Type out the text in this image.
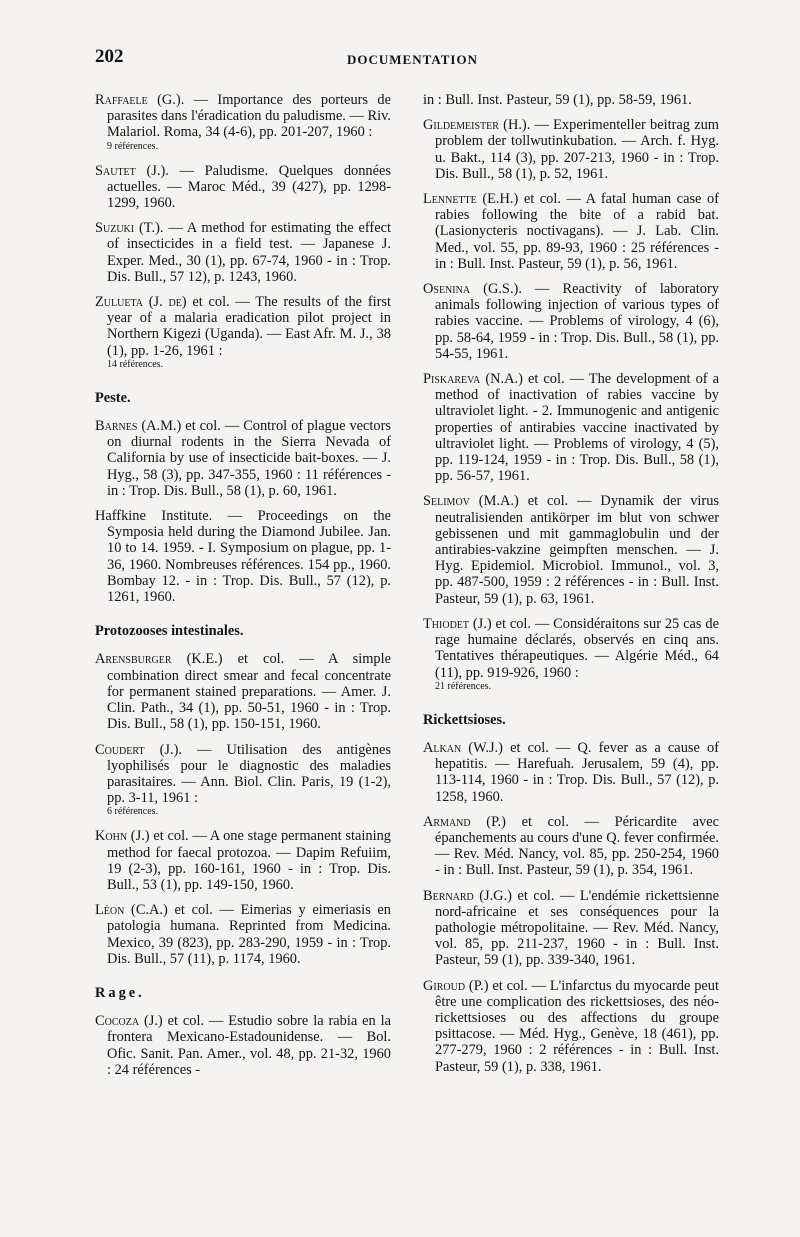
202	DOCUMENTATION
Raffaele (G.). — Importance des porteurs de parasites dans l'éradication du paludisme. — Riv. Malariol. Roma, 34 (4-6), pp. 201-207, 1960 :
9 références.
Sautet (J.). — Paludisme. Quelques données actuelles. — Maroc Méd., 39 (427), pp. 1298-1299, 1960.
Suzuki (T.). — A method for estimating the effect of insecticides in a field test. — Japanese J. Exper. Med., 30 (1), pp. 67-74, 1960 - in : Trop. Dis. Bull., 57 12), p. 1243, 1960.
Zulueta (J. de) et col. — The results of the first year of a malaria eradication pilot project in Northern Kigezi (Uganda). — East Afr. M. J., 38 (1), pp. 1-26, 1961 :
14 références.
Peste.
Barnes (A.M.) et col. — Control of plague vectors on diurnal rodents in the Sierra Nevada of California by use of insecticide bait-boxes. — J. Hyg., 58 (3), pp. 347-355, 1960 : 11 références - in : Trop. Dis. Bull., 58 (1), p. 60, 1961.
Haffkine Institute. — Proceedings on the Symposia held during the Diamond Jubilee. Jan. 10 to 14. 1959. - I. Symposium on plague, pp. 1-36, 1960. Nombreuses références. 154 pp., 1960. Bombay 12. - in : Trop. Dis. Bull., 57 (12), p. 1261, 1960.
Protozooses intestinales.
Arensburger (K.E.) et col. — A simple combination direct smear and fecal concentrate for permanent stained preparations. — Amer. J. Clin. Path., 34 (1), pp. 50-51, 1960 - in : Trop. Dis. Bull., 58 (1), pp. 150-151, 1960.
Coudert (J.). — Utilisation des antigènes lyophilisés pour le diagnostic des maladies parasitaires. — Ann. Biol. Clin. Paris, 19 (1-2), pp. 3-11, 1961 :
6 références.
Kohn (J.) et col. — A one stage permanent staining method for faecal protozoa. — Dapim Refuiim, 19 (2-3), pp. 160-161, 1960 - in : Trop. Dis. Bull., 53 (1), pp. 149-150, 1960.
Léon (C.A.) et col. — Eimerias y eimeriasis en patologia humana. Reprinted from Medicina. Mexico, 39 (823), pp. 283-290, 1959 - in : Trop. Dis. Bull., 57 (11), p. 1174, 1960.
Rage.
Cocoza (J.) et col. — Estudio sobre la rabia en la frontera Mexicano-Estadounidense. — Bol. Ofic. Sanit. Pan. Amer., vol. 48, pp. 21-32, 1960 : 24 références -
in : Bull. Inst. Pasteur, 59 (1), pp. 58-59, 1961.
Gildemeister (H.). — Experimenteller beitrag zum problem der tollwutinkubation. — Arch. f. Hyg. u. Bakt., 114 (3), pp. 207-213, 1960 - in : Trop. Dis. Bull., 58 (1), p. 52, 1961.
Lennette (E.H.) et col. — A fatal human case of rabies following the bite of a rabid bat. (Lasionycteris noctivagans). — J. Lab. Clin. Med., vol. 55, pp. 89-93, 1960 : 25 références - in : Bull. Inst. Pasteur, 59 (1), p. 56, 1961.
Osenina (G.S.). — Reactivity of laboratory animals following injection of various types of rabies vaccine. — Problems of virology, 4 (6), pp. 58-64, 1959 - in : Trop. Dis. Bull., 58 (1), pp. 54-55, 1961.
Piskareva (N.A.) et col. — The development of a method of inactivation of rabies vaccine by ultraviolet light. - 2. Immunogenic and antigenic properties of antirabies vaccine inactivated by ultraviolet light. — Problems of virology, 4 (5), pp. 119-124, 1959 - in : Trop. Dis. Bull., 58 (1), pp. 56-57, 1961.
Selimov (M.A.) et col. — Dynamik der virus neutralisienden antikörper im blut von schwer gebissenen und mit gammaglobulin und der antirabies-vakzine geimpften menschen. — J. Hyg. Epidemiol. Microbiol. Immunol., vol. 3, pp. 487-500, 1959 : 2 références - in : Bull. Inst. Pasteur, 59 (1), p. 63, 1961.
Thiodet (J.) et col. — Considéraitons sur 25 cas de rage humaine déclarés, observés en cinq ans. Tentatives thérapeutiques. — Algérie Méd., 64 (11), pp. 919-926, 1960 :
21 références.
Rickettsioses.
Alkan (W.J.) et col. — Q. fever as a cause of hepatitis. — Harefuah. Jerusalem, 59 (4), pp. 113-114, 1960 - in : Trop. Dis. Bull., 57 (12), p. 1258, 1960.
Armand (P.) et col. — Péricardite avec épanchements au cours d'une Q. fever confirmée. — Rev. Méd. Nancy, vol. 85, pp. 250-254, 1960 - in : Bull. Inst. Pasteur, 59 (1), p. 354, 1961.
Bernard (J.G.) et col. — L'endémie rickettsienne nord-africaine et ses conséquences pour la pathologie métropolitaine. — Rev. Méd. Nancy, vol. 85, pp. 211-237, 1960 - in : Bull. Inst. Pasteur, 59 (1), pp. 339-340, 1961.
Giroud (P.) et col. — L'infarctus du myocarde peut être une complication des rickettsioses, des néo-rickettsioses ou des affections du groupe psittacose. — Méd. Hyg., Genève, 18 (461), pp. 277-279, 1960 : 2 références - in : Bull. Inst. Pasteur, 59 (1), p. 338, 1961.
